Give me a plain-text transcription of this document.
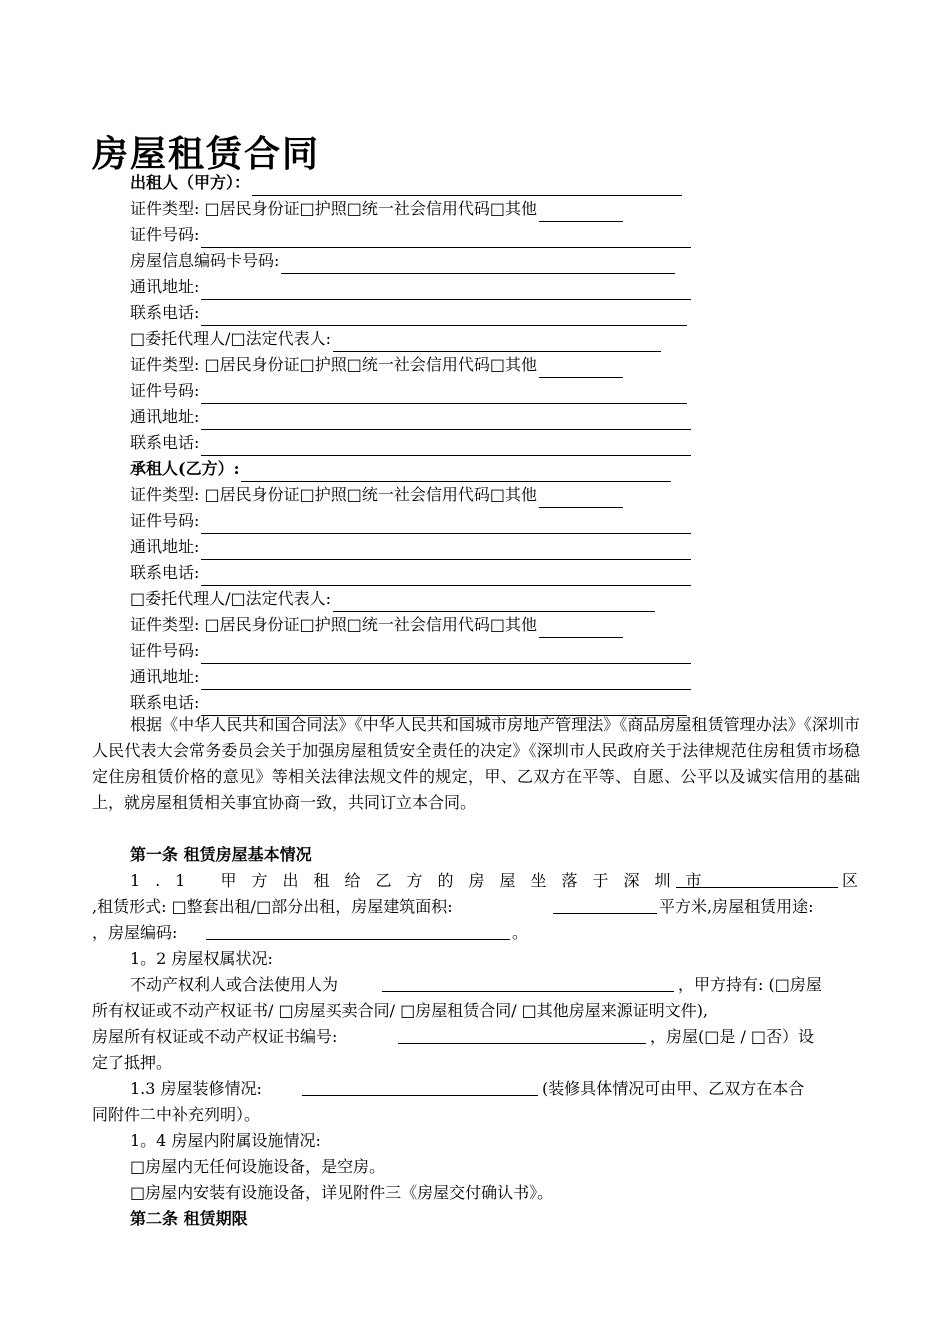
房屋租赁合同
出租人（甲方）：
证件类型: □居民身份证□护照□统一社会信用代码□其他
证件号码:
房屋信息编码卡号码:
通讯地址:
联系电话:
□委托代理人/□法定代表人:
证件类型: □居民身份证□护照□统一社会信用代码□其他
证件号码:
通讯地址:
联系电话:
承租人(乙方）:
证件类型: □居民身份证□护照□统一社会信用代码□其他
证件号码:
通讯地址:
联系电话:
□委托代理人/□法定代表人:
证件类型: □居民身份证□护照□统一社会信用代码□其他
证件号码:
通讯地址:
联系电话:

根据《中华人民共和国合同法》《中华人民共和国城市房地产管理法》《商品房屋租赁管理办法》《深圳市人民代表大会常务委员会关于加强房屋租赁安全责任的决定》《深圳市人民政府关于法律规范住房租赁市场稳定住房租赁价格的意见》等相关法律法规文件的规定，甲、乙双方在平等、自愿、公平以及诚实信用的基础上，就房屋租赁相关事宜协商一致，共同订立本合同。

第一条 租赁房屋基本情况
1.1 甲方出租给乙方的房屋坐落于深圳市	区
,租赁形式: □整套出租/□部分出租，房屋建筑面积:	平方米,房屋租赁用途:
，房屋编码:	。
1。2 房屋权属状况:
不动产权利人或合法使用人为	，甲方持有: (□房屋
所有权证或不动产权证书/ □房屋买卖合同/ □房屋租赁合同/ □其他房屋来源证明文件),
房屋所有权证或不动产权证书编号:	，房屋(□是 / □否）设
定了抵押。
1.3 房屋装修情况:	(装修具体情况可由甲、乙双方在本合
同附件二中补充列明）。
1。4 房屋内附属设施情况:
□房屋内无任何设施设备，是空房。
□房屋内安装有设施设备，详见附件三《房屋交付确认书》。
第二条 租赁期限
